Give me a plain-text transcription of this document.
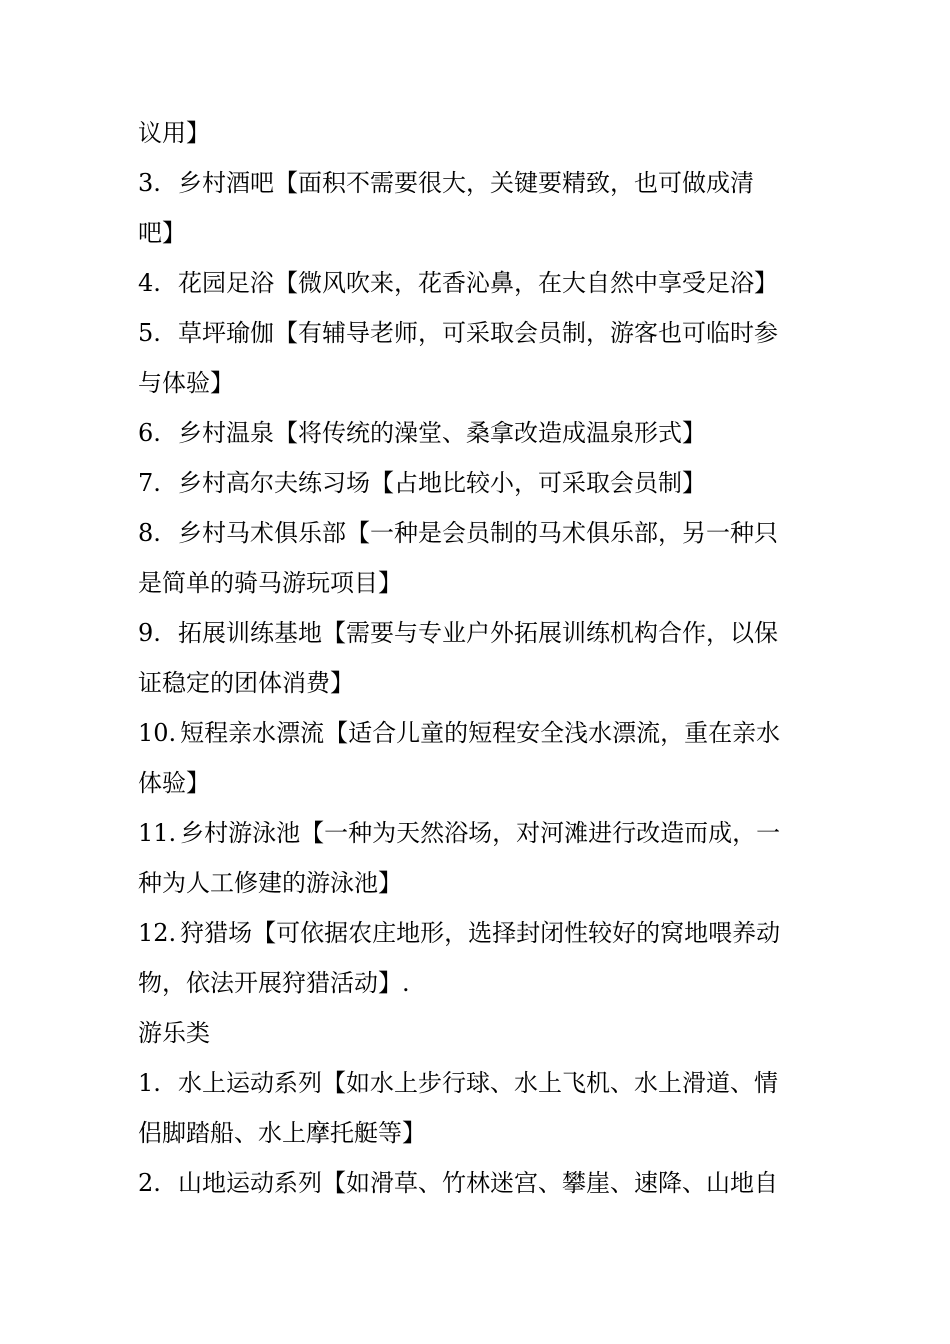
议用】
3. 乡村酒吧【面积不需要很大，关键要精致，也可做成清
吧】
4. 花园足浴【微风吹来，花香沁鼻，在大自然中享受足浴】
5. 草坪瑜伽【有辅导老师，可采取会员制，游客也可临时参
与体验】
6. 乡村温泉【将传统的澡堂、桑拿改造成温泉形式】
7. 乡村高尔夫练习场【占地比较小，可采取会员制】
8. 乡村马术俱乐部【一种是会员制的马术俱乐部，另一种只
是简单的骑马游玩项目】
9. 拓展训练基地【需要与专业户外拓展训练机构合作，以保
证稳定的团体消费】
10. 短程亲水漂流【适合儿童的短程安全浅水漂流，重在亲水
体验】
11. 乡村游泳池【一种为天然浴场，对河滩进行改造而成，一
种为人工修建的游泳池】
12. 狩猎场【可依据农庄地形，选择封闭性较好的窝地喂养动
物，依法开展狩猎活动】.
游乐类
1. 水上运动系列【如水上步行球、水上飞机、水上滑道、情
侣脚踏船、水上摩托艇等】
2. 山地运动系列【如滑草、竹林迷宫、攀崖、速降、山地自
